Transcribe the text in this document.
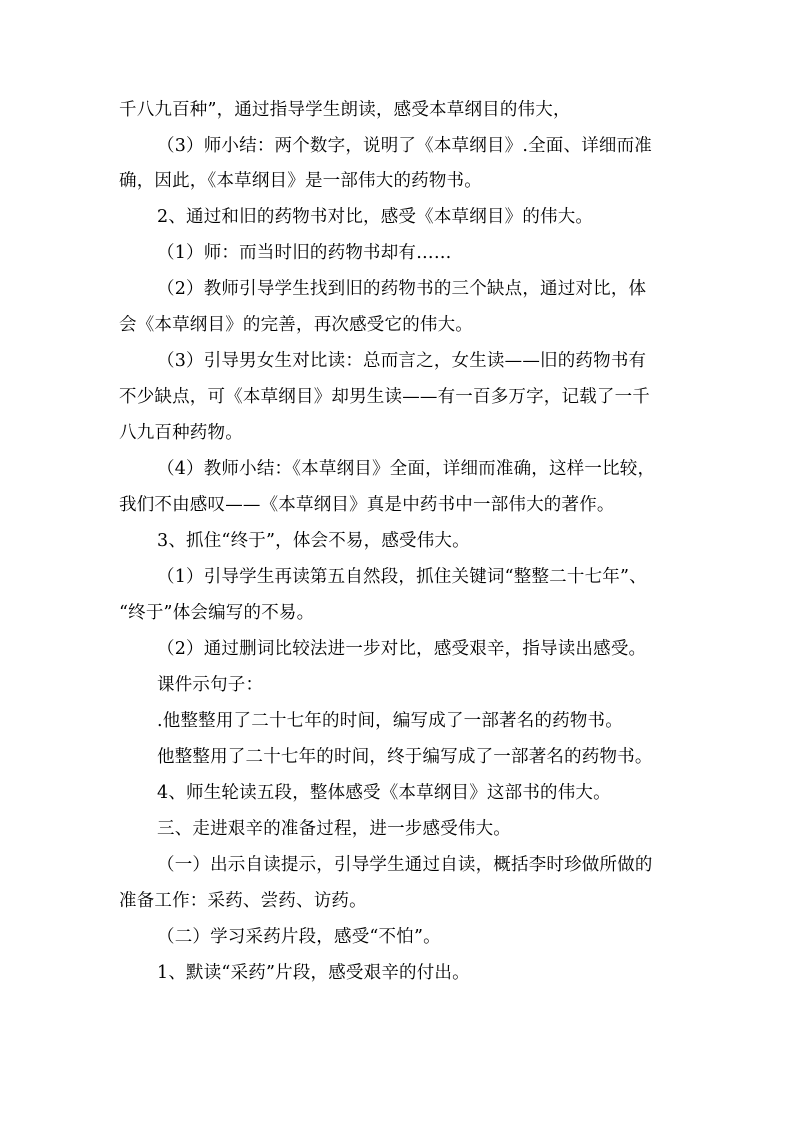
千八九百种”，通过指导学生朗读，感受本草纲目的伟大，
（3）师小结：两个数字，说明了《本草纲目》.全面、详细而准
确，因此，《本草纲目》是一部伟大的药物书。
2、通过和旧的药物书对比，感受《本草纲目》的伟大。
（1）师：而当时旧的药物书却有……
（2）教师引导学生找到旧的药物书的三个缺点，通过对比，体
会《本草纲目》的完善，再次感受它的伟大。
（3）引导男女生对比读：总而言之，女生读——旧的药物书有
不少缺点，可《本草纲目》却男生读——有一百多万字，记载了一千
八九百种药物。
（4）教师小结：《本草纲目》全面，详细而准确，这样一比较，
我们不由感叹——《本草纲目》真是中药书中一部伟大的著作。
3、抓住“终于”，体会不易，感受伟大。
（1）引导学生再读第五自然段，抓住关键词“整整二十七年”、
“终于”体会编写的不易。
（2）通过删词比较法进一步对比，感受艰辛，指导读出感受。
课件示句子：
.他整整用了二十七年的时间，编写成了一部著名的药物书。
他整整用了二十七年的时间，终于编写成了一部著名的药物书。
4、师生轮读五段，整体感受《本草纲目》这部书的伟大。
三、走进艰辛的准备过程，进一步感受伟大。
（一）出示自读提示，引导学生通过自读，概括李时珍做所做的
准备工作：采药、尝药、访药。
（二）学习采药片段，感受“不怕”。
1、默读“采药”片段，感受艰辛的付出。
